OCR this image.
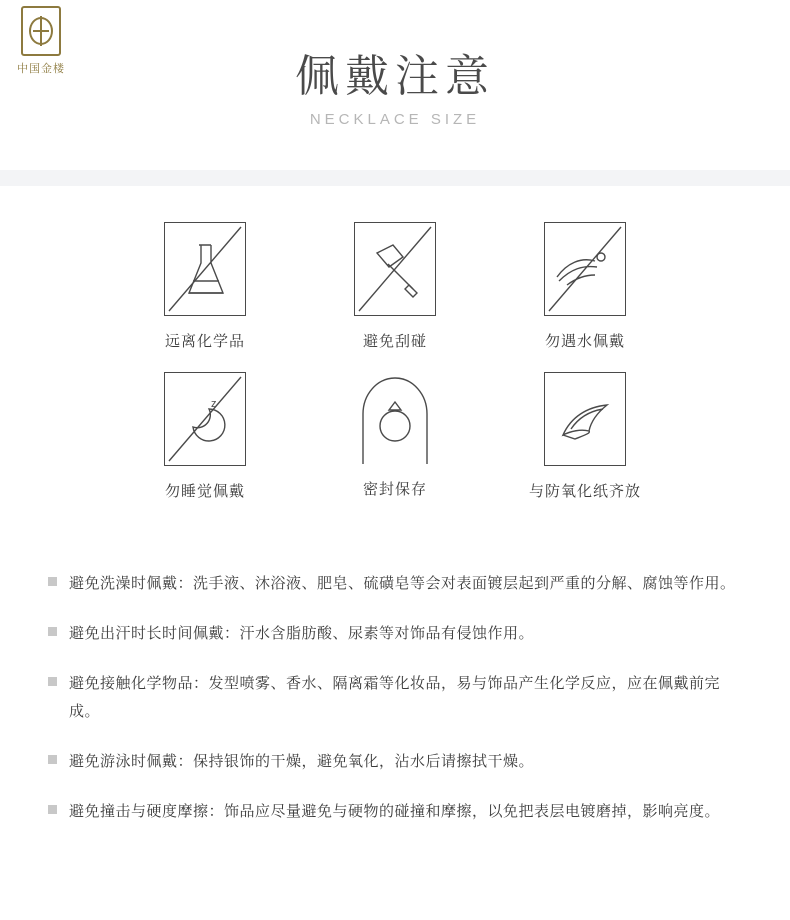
中国金楼	佩戴注意
NECKLACE SIZE
远离化学品	避免刮碰	勿遇水佩戴
z
勿睡觉佩戴	密封保存	与防氧化纸齐放
避免洗澡时佩戴：洗手液、沐浴液、肥皂、硫磺皂等会对表面镀层起到严重的分解、腐蚀等作用。
避免出汗时长时间佩戴：汗水含脂肪酸、尿素等对饰品有侵蚀作用。
避免接触化学物品：发型喷雾、香水、隔离霜等化妆品，易与饰品产生化学反应，应在佩戴前完成。
避免游泳时佩戴：保持银饰的干燥，避免氧化，沾水后请擦拭干燥。
避免撞击与硬度摩擦：饰品应尽量避免与硬物的碰撞和摩擦，以免把表层电镀磨掉，影响亮度。
